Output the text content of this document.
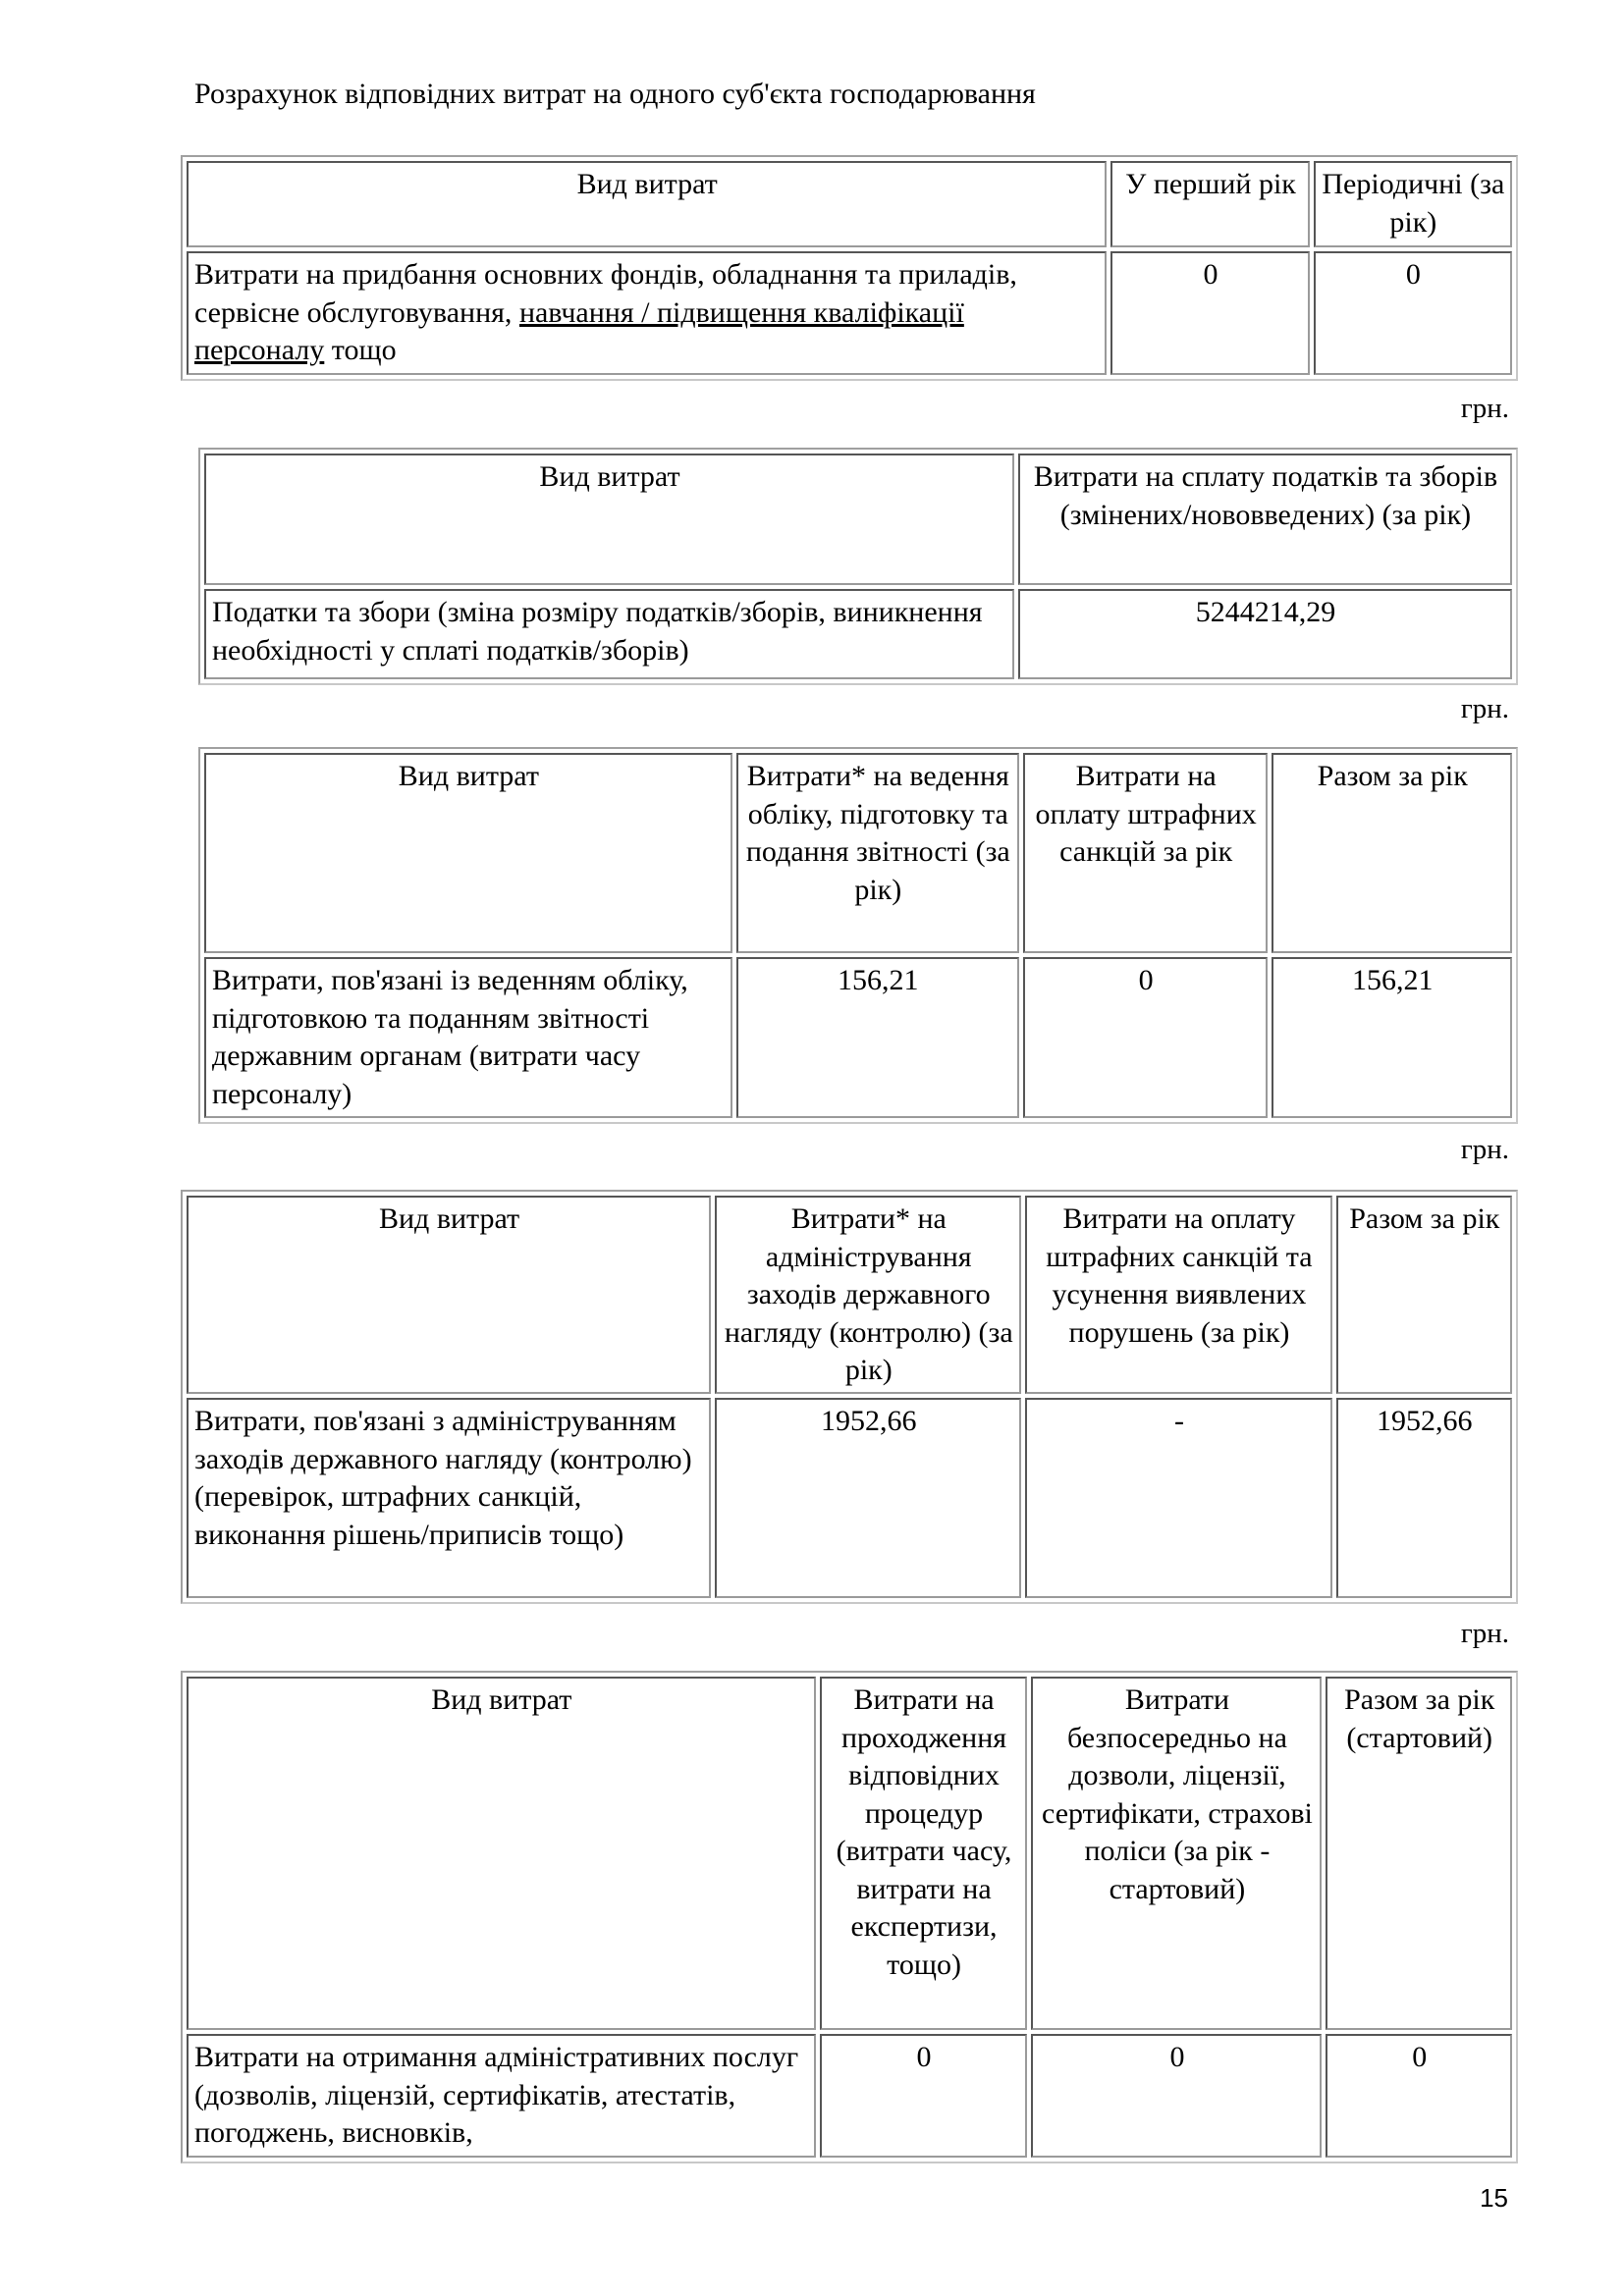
Розрахунок відповідних витрат на одного суб'єкта господарювання
Вид витрат	У перший рік	Періодичні (за рік)
Витрати на придбання основних фондів, обладнання та приладів, сервісне обслуговування, навчання / підвищення кваліфікації персоналу тощо	0	0
грн.
Вид витрат	Витрати на сплату податків та зборів (змінених/нововведених) (за рік)
Податки та збори (зміна розміру податків/зборів, виникнення необхідності у сплаті податків/зборів)	5244214,29
грн.
Вид витрат	Витрати* на ведення обліку, підготовку та подання звітності (за рік)	Витрати на оплату штрафних санкцій за рік	Разом за рік
Витрати, пов'язані із веденням обліку, підготовкою та поданням звітності державним органам (витрати часу персоналу)	156,21	0	156,21
грн.
Вид витрат	Витрати* на адміністрування заходів державного нагляду (контролю) (за рік)	Витрати на оплату штрафних санкцій та усунення виявлених порушень (за рік)	Разом за рік
Витрати, пов'язані з адмініструванням заходів державного нагляду (контролю) (перевірок, штрафних санкцій, виконання рішень/приписів тощо)	1952,66	-	1952,66
грн.
Вид витрат	Витрати на проходження відповідних процедур (витрати часу, витрати на експертизи, тощо)	Витрати безпосередньо на дозволи, ліцензії, сертифікати, страхові поліси (за рік - стартовий)	Разом за рік (стартовий)
Витрати на отримання адміністративних послуг (дозволів, ліцензій, сертифікатів, атестатів, погоджень, висновків,	0	0	0
15
